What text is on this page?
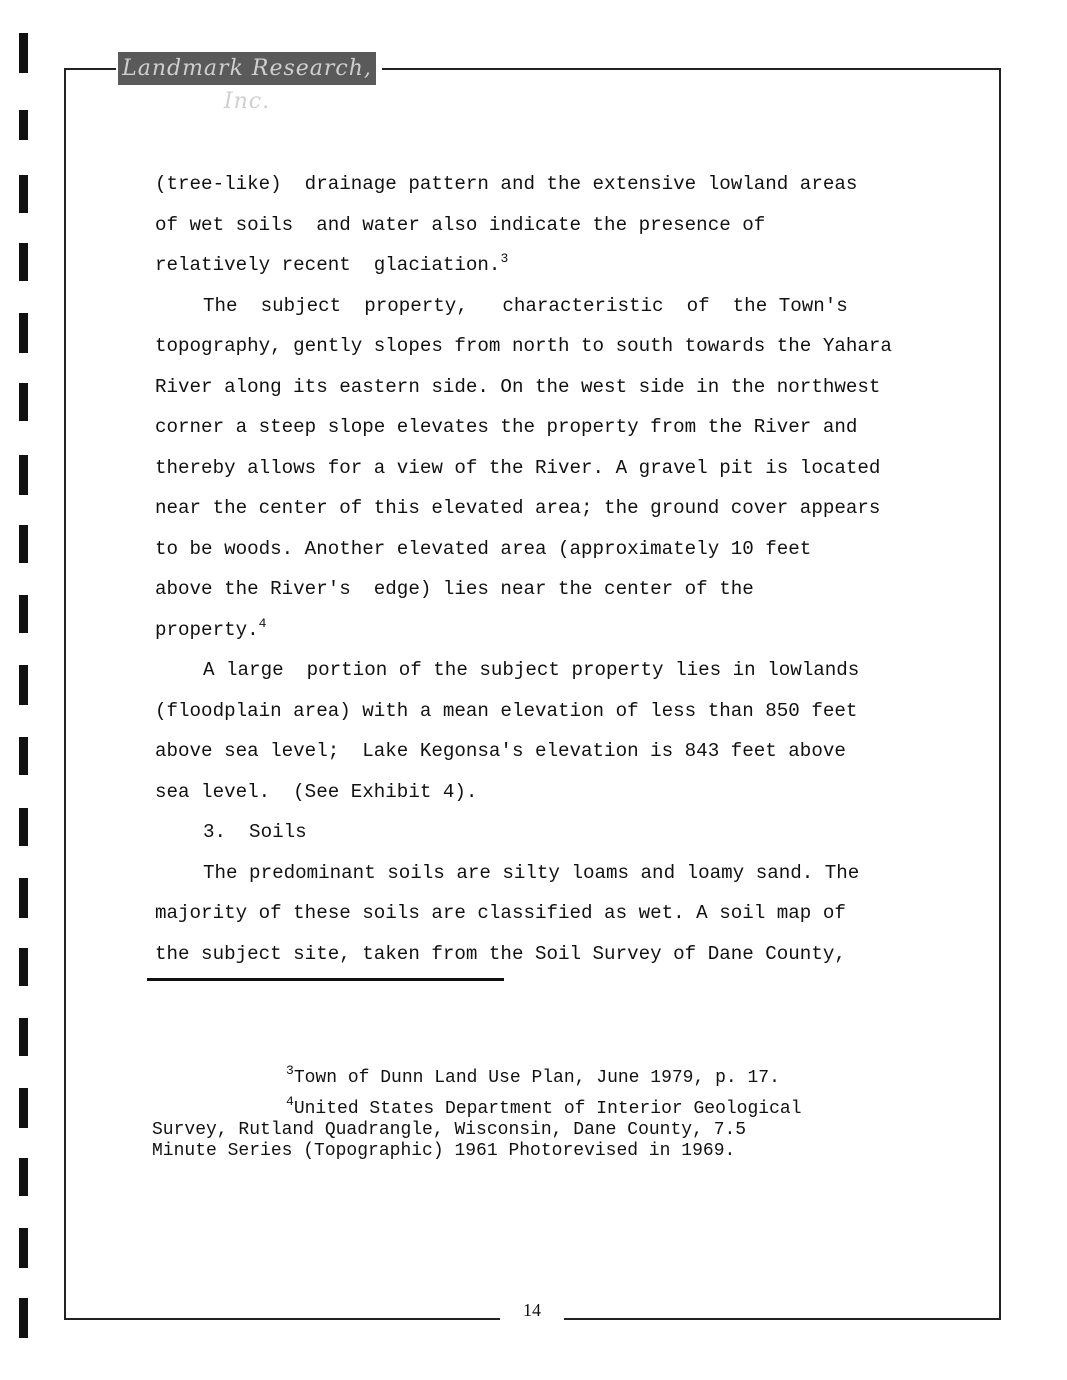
Landmark Research, Inc.
(tree-like)  drainage pattern and the extensive lowland areas
of wet soils  and water also indicate the presence of
relatively recent  glaciation.$^3$
The  subject  property,   characteristic  of  the Town's
topography, gently slopes from north to south towards the Yahara
River along its eastern side. On the west side in the northwest
corner a steep slope elevates the property from the River and
thereby allows for a view of the River. A gravel pit is located
near the center of this elevated area; the ground cover appears
to be woods. Another elevated area (approximately 10 feet
above the River's  edge) lies near the center of the
property.$^4$
A large  portion of the subject property lies in lowlands
(floodplain area) with a mean elevation of less than 850 feet
above sea level;  Lake Kegonsa's elevation is 843 feet above
sea level.  (See Exhibit 4).
3.  Soils
The predominant soils are silty loams and loamy sand. The
majority of these soils are classified as wet. A soil map of
the subject site, taken from the Soil Survey of Dane County,
$^3$Town of Dunn Land Use Plan, June 1979, p. 17.
$^4$United States Department of Interior Geological
Survey, Rutland Quadrangle, Wisconsin, Dane County, 7.5
Minute Series (Topographic) 1961 Photorevised in 1969.
14
